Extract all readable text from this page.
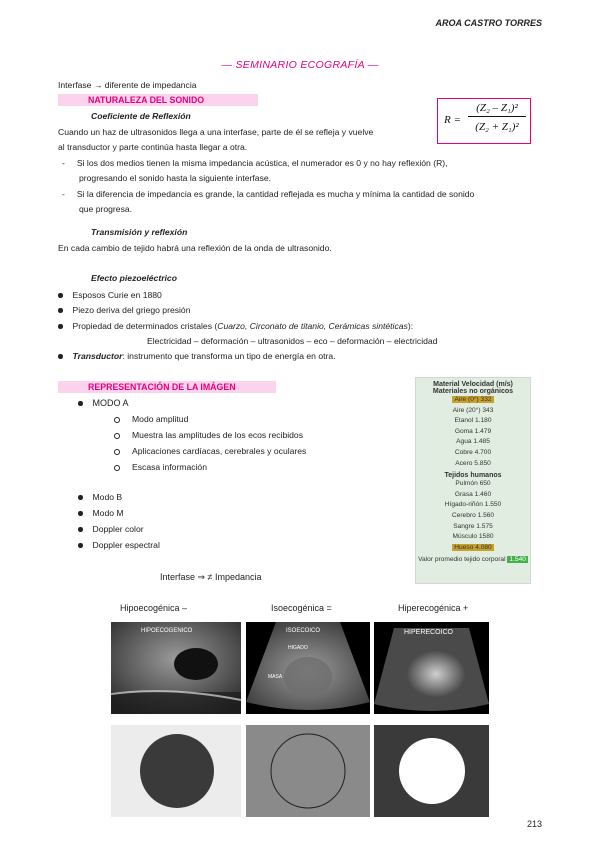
AROA CASTRO TORRES
— SEMINARIO ECOGRAFÍA —
Interfase → diferente de impedancia
NATURALEZA DEL SONIDO
R =
(Z₂ – Z₁)²
(Z₂ + Z₁)²
Coeficiente de Reflexión
Cuando un haz de ultrasonidos llega a una interfase, parte de él se refleja y vuelve
al transductor y parte continúa hasta llegar a otra.
- Si los dos medios tienen la misma impedancia acústica, el numerador es 0 y no hay reflexión (R),
progresando el sonido hasta la siguiente interfase.
- Si la diferencia de impedancia es grande, la cantidad reflejada es mucha y mínima la cantidad de sonido
que progresa.
Transmisión y reflexión
En cada cambio de tejido habrá una reflexión de la onda de ultrasonido.
Efecto piezoeléctrico
Esposos Curie en 1880
Piezo deriva del griego presión
Propiedad de determinados cristales (Cuarzo, Circonato de titanio, Cerámicas sintéticas):
Electricidad – deformación – ultrasonidos – eco – deformación – electricidad
Transductor: instrumento que transforma un tipo de energía en otra.
REPRESENTACIÓN DE LA IMÁGEN
MODO A
Modo amplitud
Muestra las amplitudes de los ecos recibidos
Aplicaciones cardíacas, cerebrales y oculares
Escasa información
Modo B
Modo M
Doppler color
Doppler espectral
Material Velocidad (m/s)
Materiales no orgánicos
Aire (0°) 332
Aire (20°) 343
Etanol 1.180
Goma 1.479
Agua 1.485
Cobre 4.700
Acero 5.850
Tejidos humanos
Pulmón 650
Grasa 1.460
Hígado-riñón 1.550
Cerebro 1.560
Sangre 1.575
Músculo 1580
Hueso 4.080
Valor promedio tejido corporal 1.540
Interfase ⇒ ≠ Impedancia
Hipoecogénica –	Isoecogénica =	Hiperecogénica +
HIPOECOGENICO	ISOECOICO
HIGADO
MASA
HIPERECOICO
213
